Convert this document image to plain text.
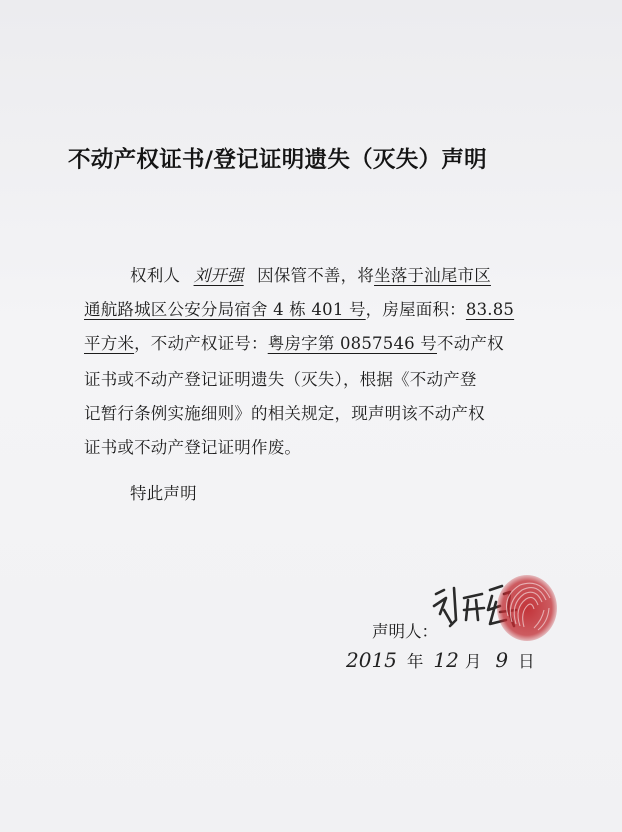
不动产权证书/登记证明遗失（灭失）声明
权利人 刘开强 因保管不善，将坐落于汕尾市区
通航路城区公安分局宿舍 4 栋 401 号，房屋面积：83.85
平方米，不动产权证号：粤房字第 0857546 号不动产权
证书或不动产登记证明遗失（灭失），根据《不动产登
记暂行条例实施细则》的相关规定，现声明该不动产权
证书或不动产登记证明作废。
特此声明
声明人：
2015 年 12 月 9 日
